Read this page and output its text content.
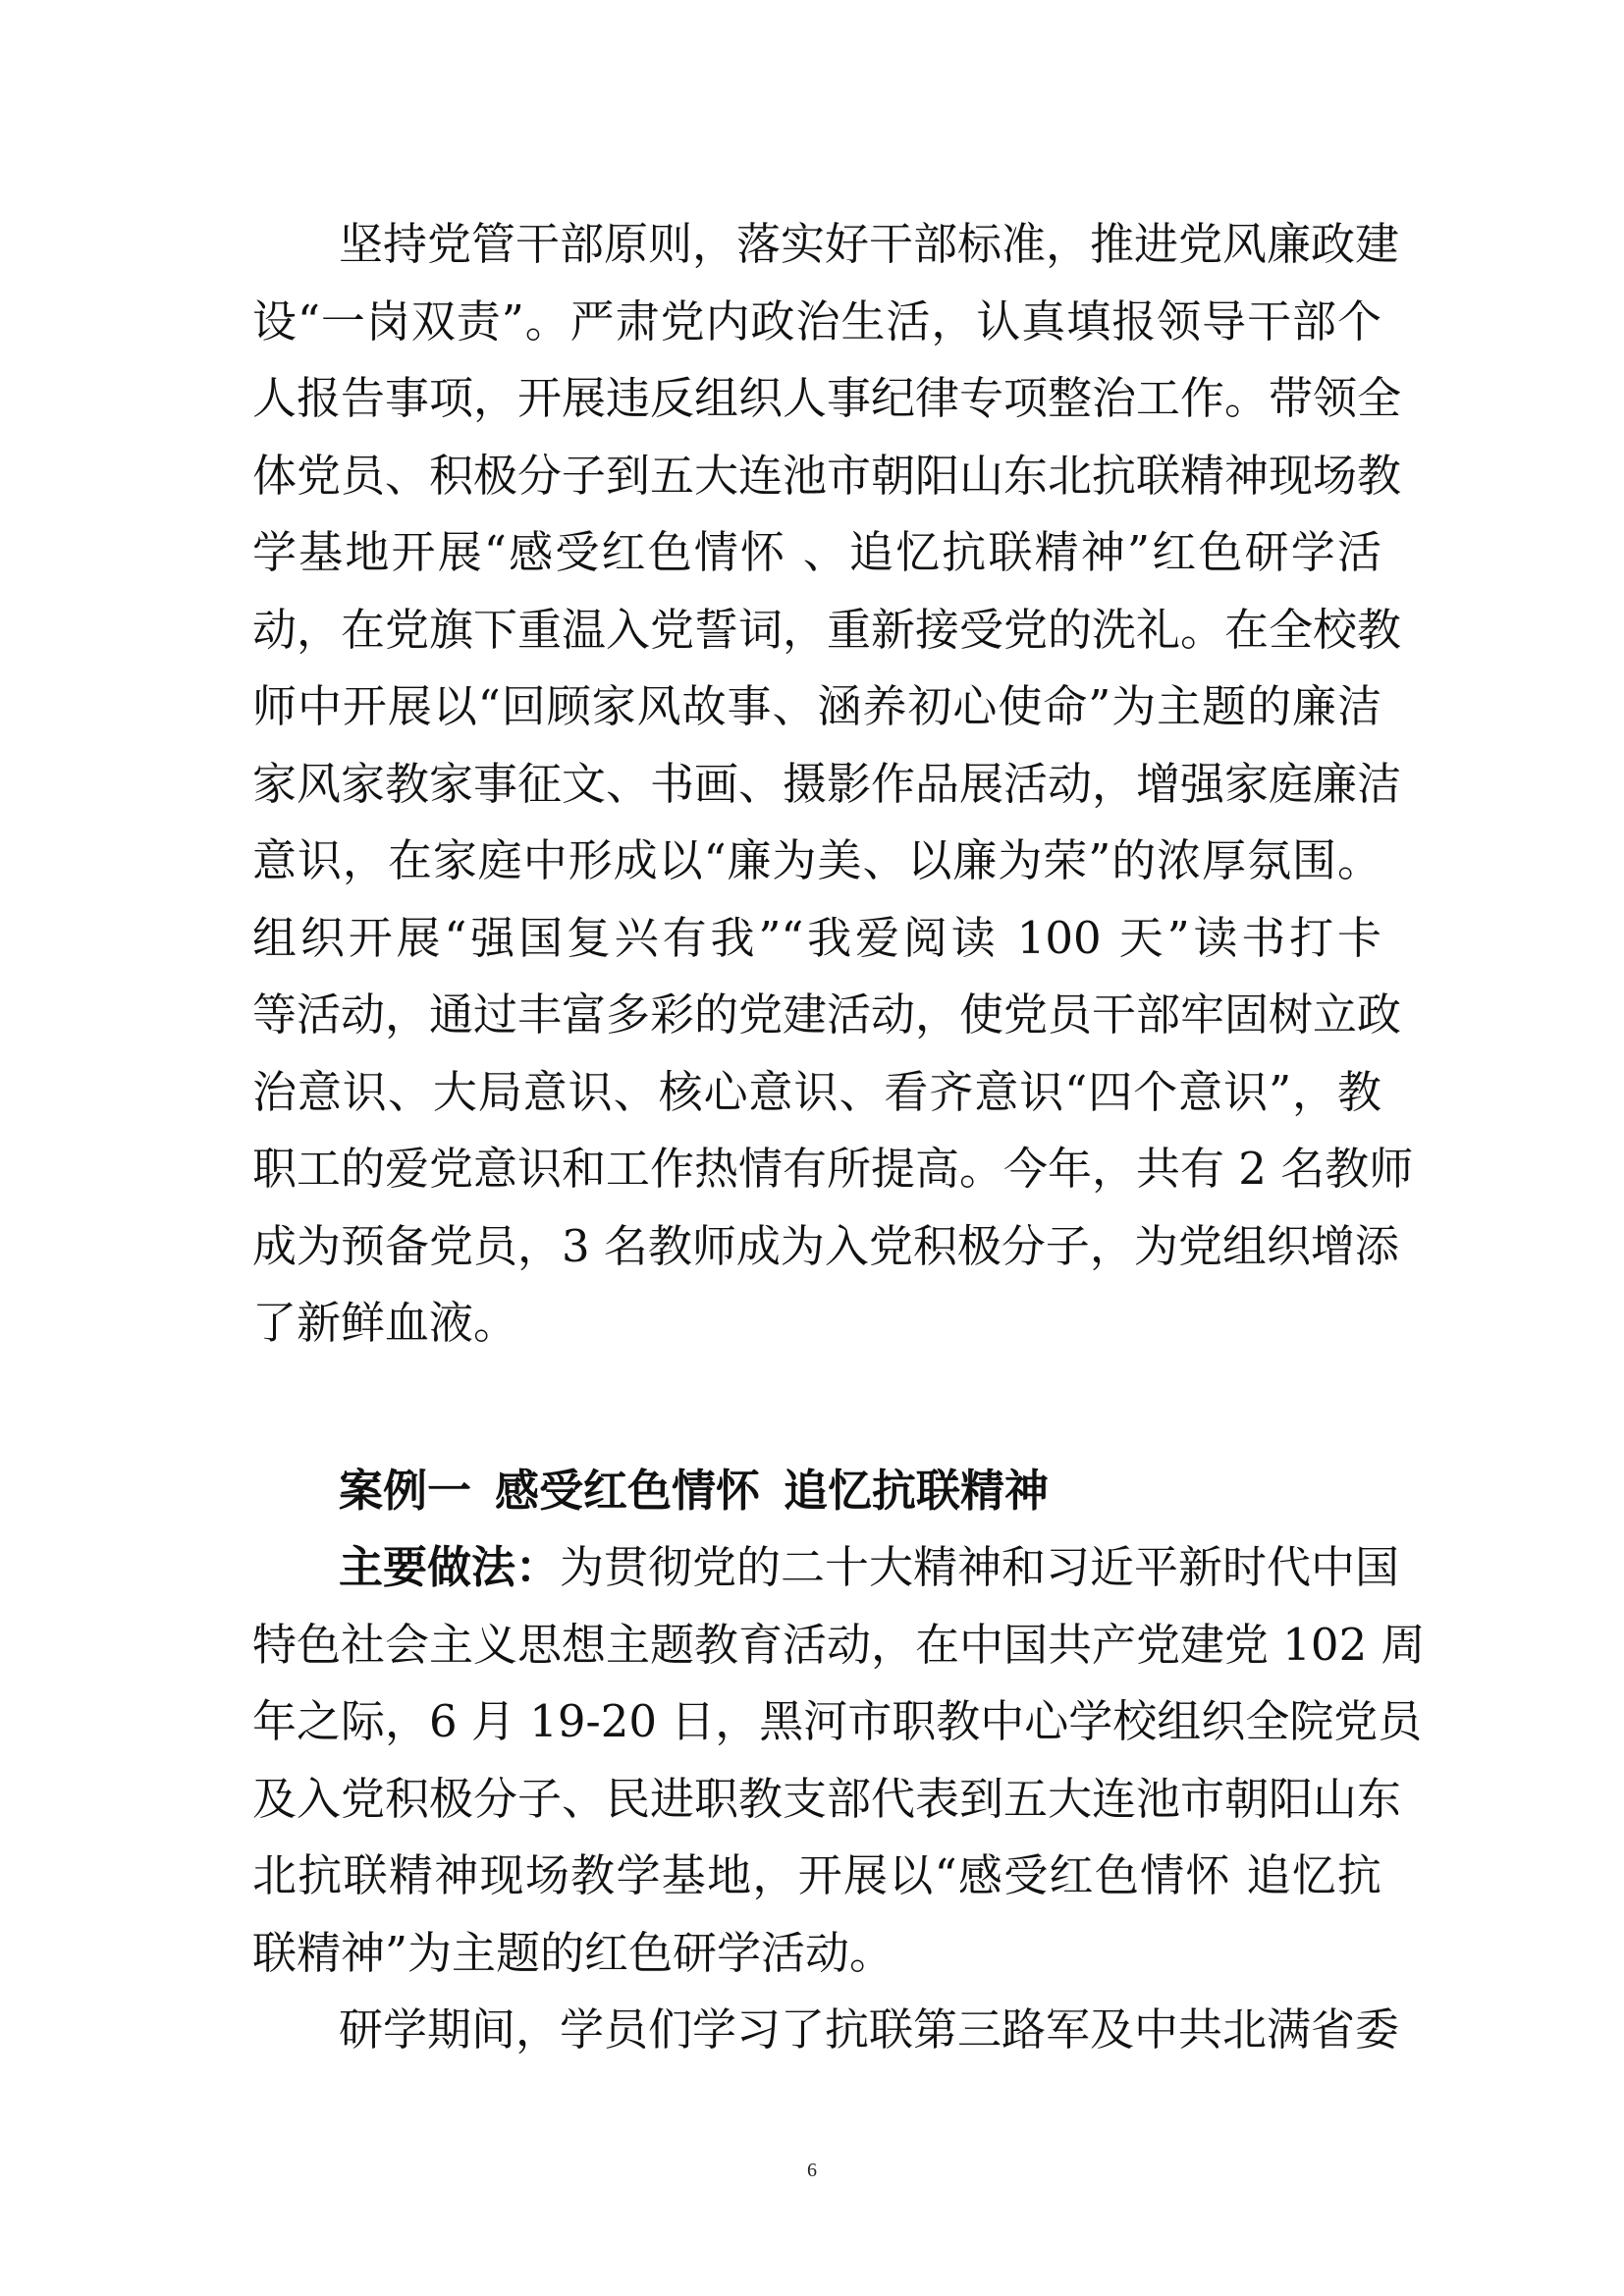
坚持党管干部原则，落实好干部标准，推进党风廉政建
设“一岗双责”。严肃党内政治生活，认真填报领导干部个
人报告事项，开展违反组织人事纪律专项整治工作。带领全
体党员、积极分子到五大连池市朝阳山东北抗联精神现场教
学基地开展“感受红色情怀 、追忆抗联精神”红色研学活
动，在党旗下重温入党誓词，重新接受党的洗礼。在全校教
师中开展以“回顾家风故事、涵养初心使命”为主题的廉洁
家风家教家事征文、书画、摄影作品展活动，增强家庭廉洁
意识，在家庭中形成以“廉为美、以廉为荣”的浓厚氛围。
组织开展“强国复兴有我”“我爱阅读 100 天”读书打卡
等活动，通过丰富多彩的党建活动，使党员干部牢固树立政
治意识、大局意识、核心意识、看齐意识“四个意识”，教
职工的爱党意识和工作热情有所提高。今年，共有 2 名教师
成为预备党员，3 名教师成为入党积极分子，为党组织增添
了新鲜血液。
案例一 感受红色情怀 追忆抗联精神
主要做法：为贯彻党的二十大精神和习近平新时代中国
特色社会主义思想主题教育活动，在中国共产党建党 102 周
年之际，6 月 19-20 日，黑河市职教中心学校组织全院党员
及入党积极分子、民进职教支部代表到五大连池市朝阳山东
北抗联精神现场教学基地，开展以“感受红色情怀 追忆抗
联精神”为主题的红色研学活动。
研学期间，学员们学习了抗联第三路军及中共北满省委
6
